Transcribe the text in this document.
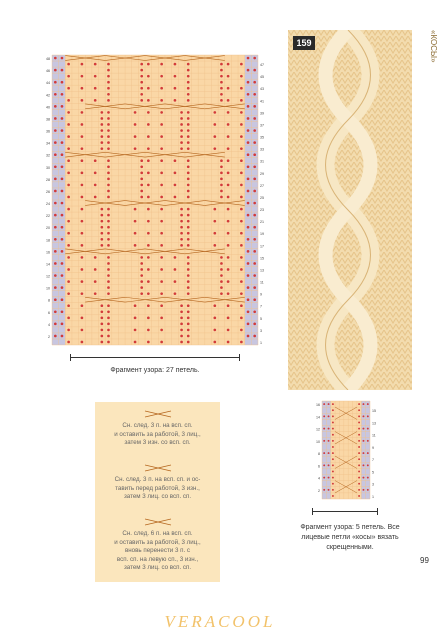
«КОСЫ»
48
46
44
42
40
38
36
34
32
30
28
26
24
22
20
18
16
14
12
10
8
6
4
2
47
45
43
41
39
37
35
33
31
29
27
25
23
21
19
17
15
13
11
9
7
5
3
1
Фрагмент узора: 27 петель.
159
16
14
12
10
8
6
4
2
15
13
11
9
7
5
3
1
Фрагмент узора: 5 петель. Все лицевые петли «косы» вязать скрещенными.
Сн. след. 3 п. на всп. сп.
и оставить за работой, 3 лиц.,
затем 3 изн. со всп. сп.
Сн. след. 3 п. на всп. сп. и ос-
тавить перед работой, 3 изн.,
затем 3 лиц. со всп. сп.
Сн. след. 6 п. на всп. сп.
и оставить за работой, 3 лиц.,
вновь перенести 3 п. с
всп. сп. на левую сп., 3 изн.,
затем 3 лиц. со всп. сп.
99
VERACOOL
